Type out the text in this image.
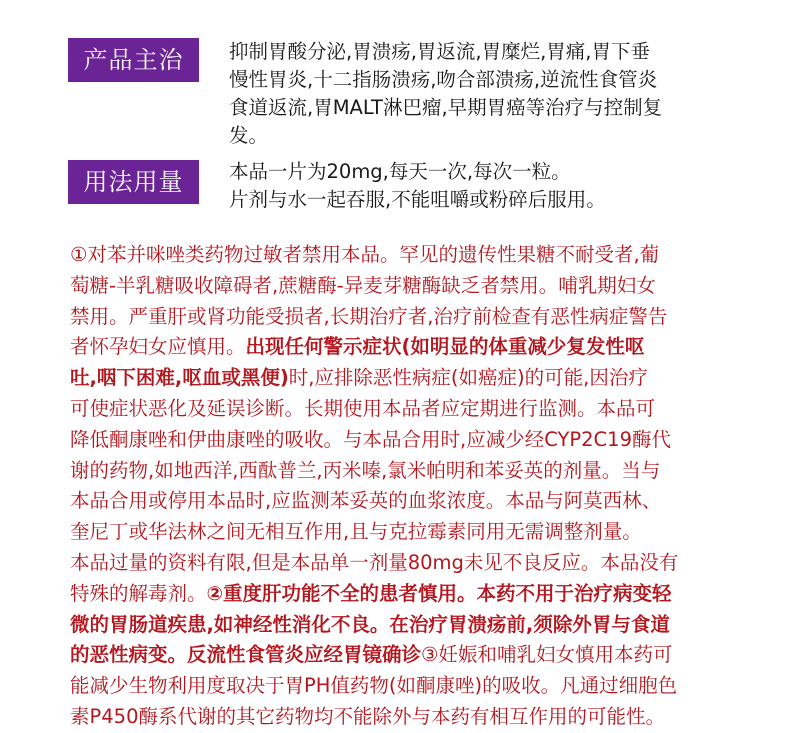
产品主治	抑制胃酸分泌,胃溃疡,胃返流,胃糜烂,胃痛,胃下垂
慢性胃炎,十二指肠溃疡,吻合部溃疡,逆流性食管炎
食道返流,胃MALT淋巴瘤,早期胃癌等治疗与控制复
发。
用法用量	本品一片为20mg,每天一次,每次一粒。
片剂与水一起吞服,不能咀嚼或粉碎后服用。
①对苯并咪唑类药物过敏者禁用本品。罕见的遗传性果糖不耐受者,葡
萄糖-半乳糖吸收障碍者,蔗糖酶-异麦芽糖酶缺乏者禁用。哺乳期妇女
禁用。严重肝或肾功能受损者,长期治疗者,治疗前检查有恶性病症警告
者怀孕妇女应慎用。出现任何警示症状(如明显的体重减少复发性呕
吐,咽下困难,呕血或黑便)时,应排除恶性病症(如癌症)的可能,因治疗
可使症状恶化及延误诊断。长期使用本品者应定期进行监测。本品可
降低酮康唑和伊曲康唑的吸收。与本品合用时,应减少经CYP2C19酶代
谢的药物,如地西洋,西酞普兰,丙米嗪,氯米帕明和苯妥英的剂量。当与
本品合用或停用本品时,应监测苯妥英的血浆浓度。本品与阿莫西林、
奎尼丁或华法林之间无相互作用,且与克拉霉素同用无需调整剂量。
本品过量的资料有限,但是本品单一剂量80mg未见不良反应。本品没有
特殊的解毒剂。②重度肝功能不全的患者慎用。本药不用于治疗病变轻
微的胃肠道疾患,如神经性消化不良。在治疗胃溃疡前,须除外胃与食道
的恶性病变。反流性食管炎应经胃镜确诊③妊娠和哺乳妇女慎用本药可
能减少生物利用度取决于胃PH值药物(如酮康唑)的吸收。凡通过细胞色
素P450酶系代谢的其它药物均不能除外与本药有相互作用的可能性。
